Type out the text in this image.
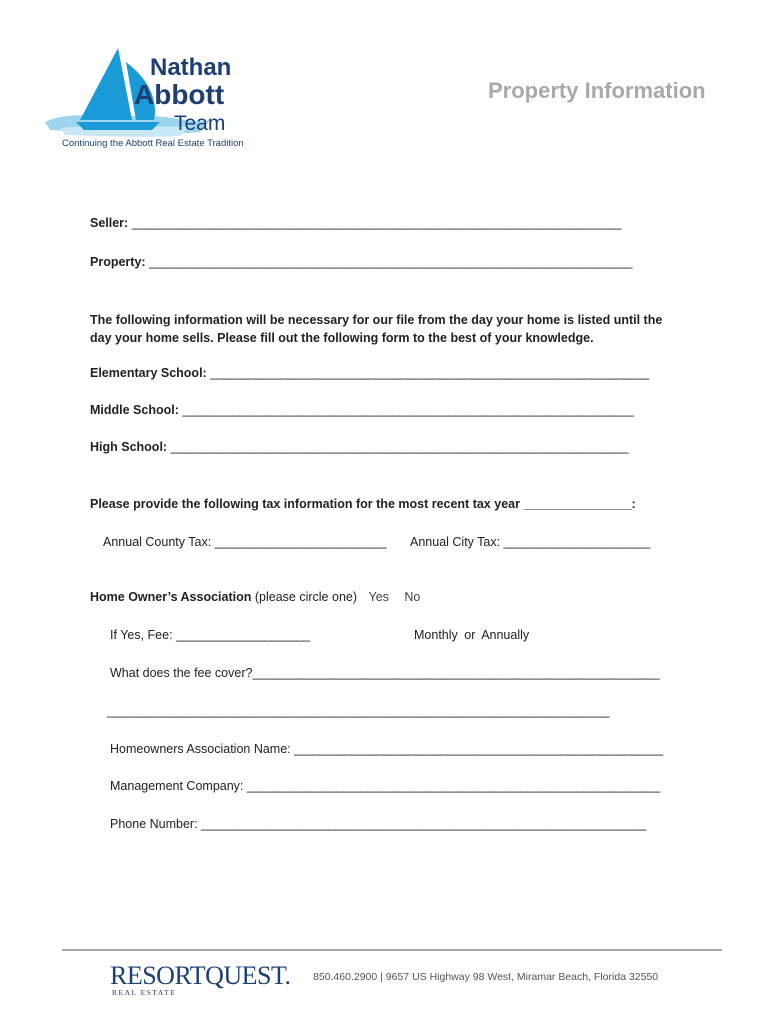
Nathan
Abbott
Team
Continuing the Abbott Real Estate Tradition
Property Information
Seller: _____________________________________________________________________________
Property: ____________________________________________________________________________
The following information will be necessary for our file from the day your home is listed until the day your home sells. Please fill out the following form to the best of your knowledge.
Elementary School: _____________________________________________________________________
Middle School: _______________________________________________________________________
High School: ________________________________________________________________________
Please provide the following tax information for the most recent tax year _________________:
Annual County Tax: ___________________________ Annual City Tax: _______________________
Home Owner’s Association (please circle one) Yes No
If Yes, Fee: _____________________	Monthly or Annually
What does the fee cover?________________________________________________________________
_______________________________________________________________________________
Homeowners Association Name: __________________________________________________________
Management Company: _________________________________________________________________
Phone Number: ______________________________________________________________________
RESORTQUEST.
REAL ESTATE
850.460.2900 | 9657 US Highway 98 West, Miramar Beach, Florida 32550
